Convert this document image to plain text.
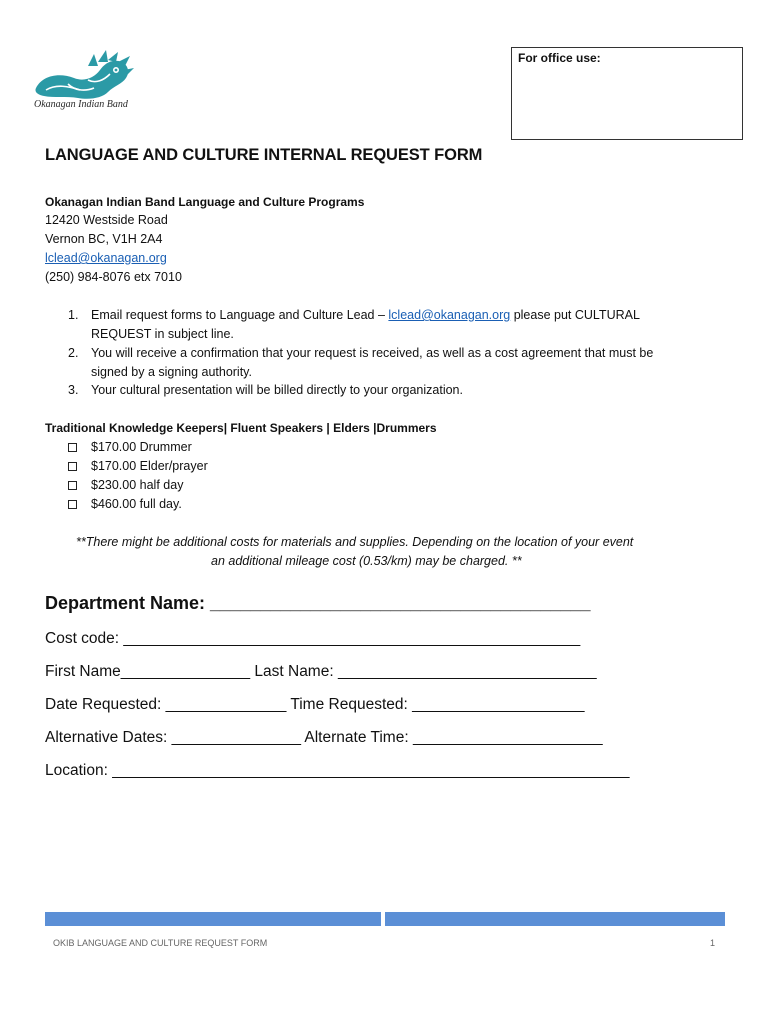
Okanagan Indian Band
For office use:
LANGUAGE AND CULTURE INTERNAL REQUEST FORM
Okanagan Indian Band Language and Culture Programs
12420 Westside Road
Vernon BC, V1H 2A4
lclead@okanagan.org
(250) 984-8076 etx 7010
1. Email request forms to Language and Culture Lead – lclead@okanagan.org please put CULTURAL
REQUEST in subject line.
2. You will receive a confirmation that your request is received, as well as a cost agreement that must be
signed by a signing authority.
3. Your cultural presentation will be billed directly to your organization.
Traditional Knowledge Keepers| Fluent Speakers | Elders |Drummers
$170.00 Drummer
$170.00 Elder/prayer
$230.00 half day
$460.00 full day.
**There might be additional costs for materials and supplies. Depending on the location of your event
an additional mileage cost (0.53/km) may be charged. **
Department Name: ______________________________________
Cost code: _____________________________________________________
First Name_______________ Last Name: ______________________________
Date Requested: ______________ Time Requested: ____________________
Alternative Dates: _______________ Alternate Time: ______________________
Location: ____________________________________________________________
OKIB LANGUAGE AND CULTURE REQUEST FORM	1
